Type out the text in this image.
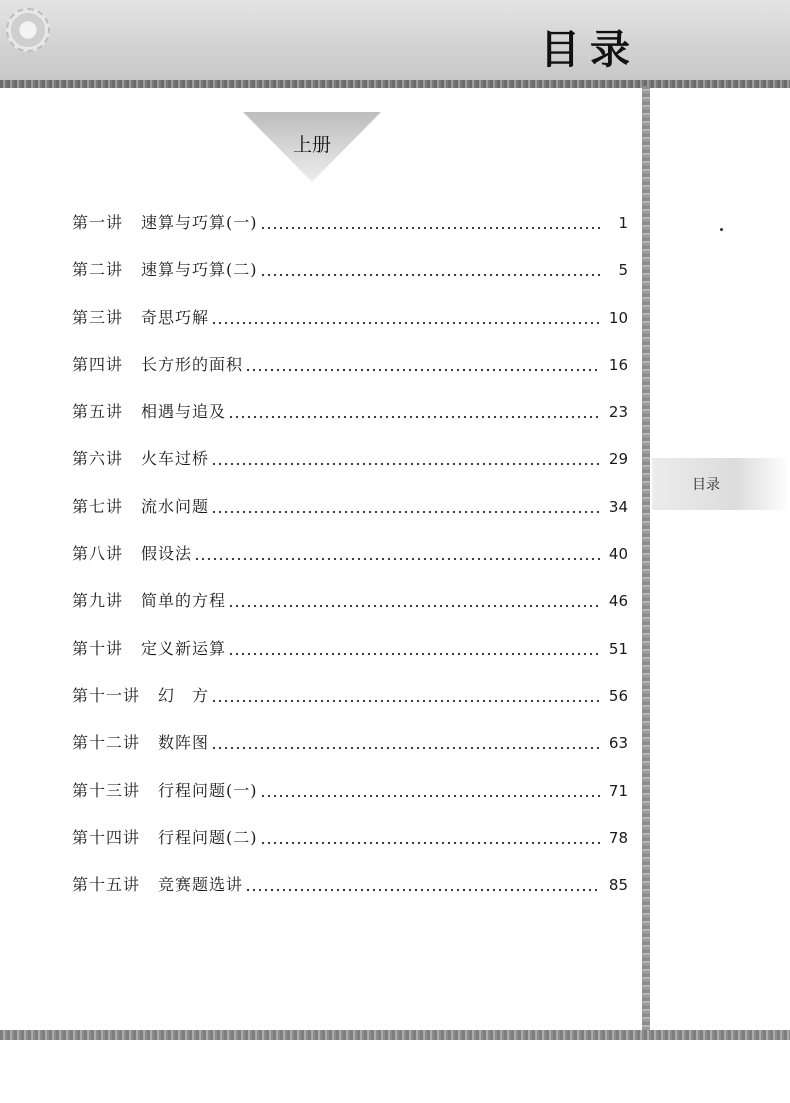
目录
上册
第一讲 速算与巧算(一)	1
第二讲 速算与巧算(二)	5
第三讲 奇思巧解	10
第四讲 长方形的面积	16
第五讲 相遇与追及	23
第六讲 火车过桥	29
第七讲 流水问题	34
第八讲 假设法	40
第九讲 简单的方程	46
第十讲 定义新运算	51
第十一讲 幻　方	56
第十二讲 数阵图	63
第十三讲 行程问题(一)	71
第十四讲 行程问题(二)	78
第十五讲 竞赛题选讲	85
目录
